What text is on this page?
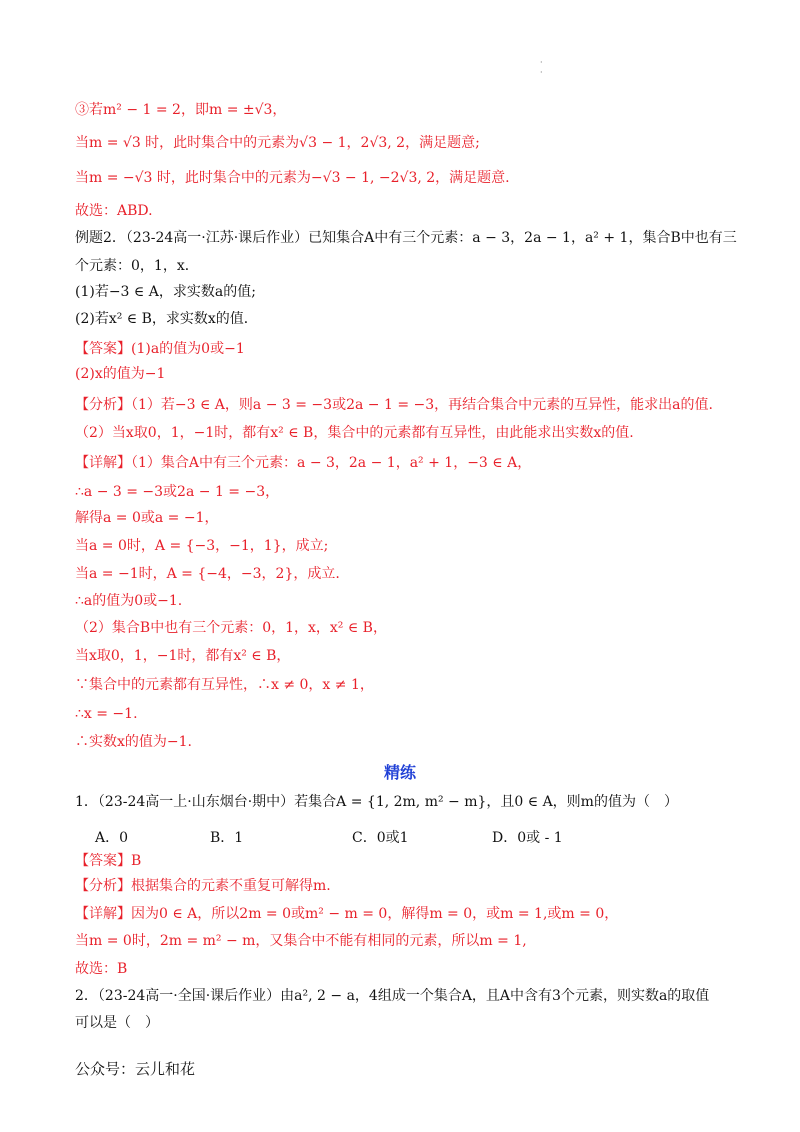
·
·
③若m² − 1 = 2，即m = ±√3，
当m = √3 时，此时集合中的元素为√3 − 1，2√3, 2，满足题意;
当m = −√3 时，此时集合中的元素为−√3 − 1, −2√3, 2，满足题意.
故选：ABD.
例题2．（23-24高一·江苏·课后作业）已知集合A中有三个元素：a − 3，2a − 1，a² + 1，集合B中也有三
个元素：0，1，x．
(1)若−3 ∈ A，求实数a的值;
(2)若x² ∈ B，求实数x的值．
【答案】(1)a的值为0或−1
(2)x的值为−1
【分析】（1）若−3 ∈ A，则a − 3 = −3或2a − 1 = −3，再结合集合中元素的互异性，能求出a的值.
（2）当x取0，1，−1时，都有x² ∈ B，集合中的元素都有互异性，由此能求出实数x的值.
【详解】（1）集合A中有三个元素：a − 3，2a − 1，a² + 1，−3 ∈ A，
∴a − 3 = −3或2a − 1 = −3，
解得a = 0或a = −1，
当a = 0时，A = {−3，−1，1}，成立;
当a = −1时，A = {−4，−3，2}，成立.
∴a的值为0或−1.
（2）集合B中也有三个元素：0，1，x，x² ∈ B，
当x取0，1，−1时，都有x² ∈ B，
∵集合中的元素都有互异性，∴x ≠ 0，x ≠ 1，
∴x = −1.
∴实数x的值为−1.
精练
1．（23-24高一上·山东烟台·期中）若集合A = {1, 2m, m² − m}，且0 ∈ A，则m的值为（　）
A．0	B．1	C．0或1	D．0或 - 1
【答案】B
【分析】根据集合的元素不重复可解得m.
【详解】因为0 ∈ A，所以2m = 0或m² − m = 0，解得m = 0，或m = 1,或m = 0，
当m = 0时，2m = m² − m，又集合中不能有相同的元素，所以m = 1,
故选：B
2．（23-24高一·全国·课后作业）由a², 2 − a，4组成一个集合A，且A中含有3个元素，则实数a的取值
可以是（　）
公众号：云儿和花
